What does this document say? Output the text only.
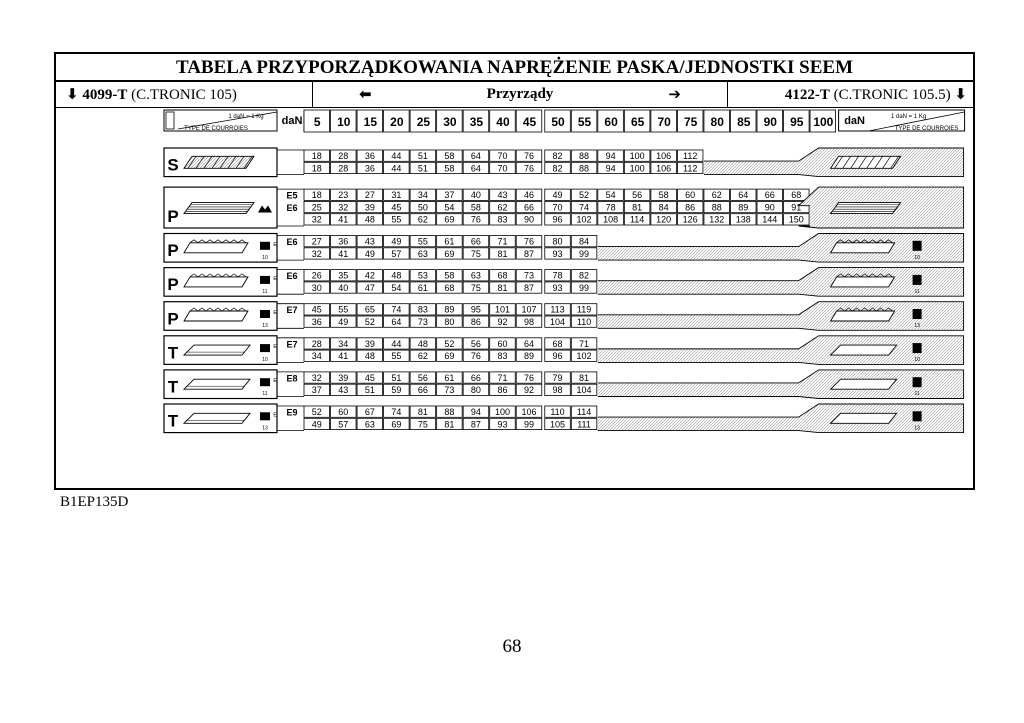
TABELA PRZYPORZĄDKOWANIA NAPRĘŻENIE PASKA/JEDNOSTKI SEEM
⬇ 4099-T (C.TRONIC 105)	⬅	Przyrządy	➔	4122-T (C.TRONIC 105.5) ⬇
1 daN = 1 Kg
TYPE DE COURROIES
daN 5 10 15 20 25 30 35 40 45 50 55 60 65 70 75 80 85 90 95 100 daN	1 daN = 1 Kg
TYPE DE COURROIES
S	18 28 36 44 51 58 64 70 76 82 88 94 100 106 112
18 28 36 44 51 58 64 70 76 82 88 94 100 106 112
P
E5 18 23 27 31 34 37 40 43 46 49 52 54 56 58 60 62 64 66 68
E6 25 32 39 45 50 54 58 62 66 70 74 78 81 84 86 88 89 90 91
32 41 48 55 62 69 76 83 90 96 102 108 114 120 126 132 138 144 150
P	10
E E6 27 36 43 49 55 61 66 71 76 80 84
32 41 49 57 63 69 75 81 87 93 99	10
P	11
E E6 26 35 42 48 53 58 63 68 73 78 82
30 40 47 54 61 68 75 81 87 93 99	11
P	13
E E7 45 55 65 74 83 89 95 101 107 113 119
36 49 52 64 73 80 86 92 98 104 110	13
T	10
E E7 28 34 39 44 48 52 56 60 64 68 71
34 41 48 55 62 69 76 83 89 96 102	10
T	11
E E8 32 39 45 51 56 61 66 71 76 79 81
37 43 51 59 66 73 80 86 92 98 104	11
T	13
E E9 52 60 67 74 81 88 94 100 106 110 114
49 57 63 69 75 81 87 93 99 105 111	13
B1EP135D
68
